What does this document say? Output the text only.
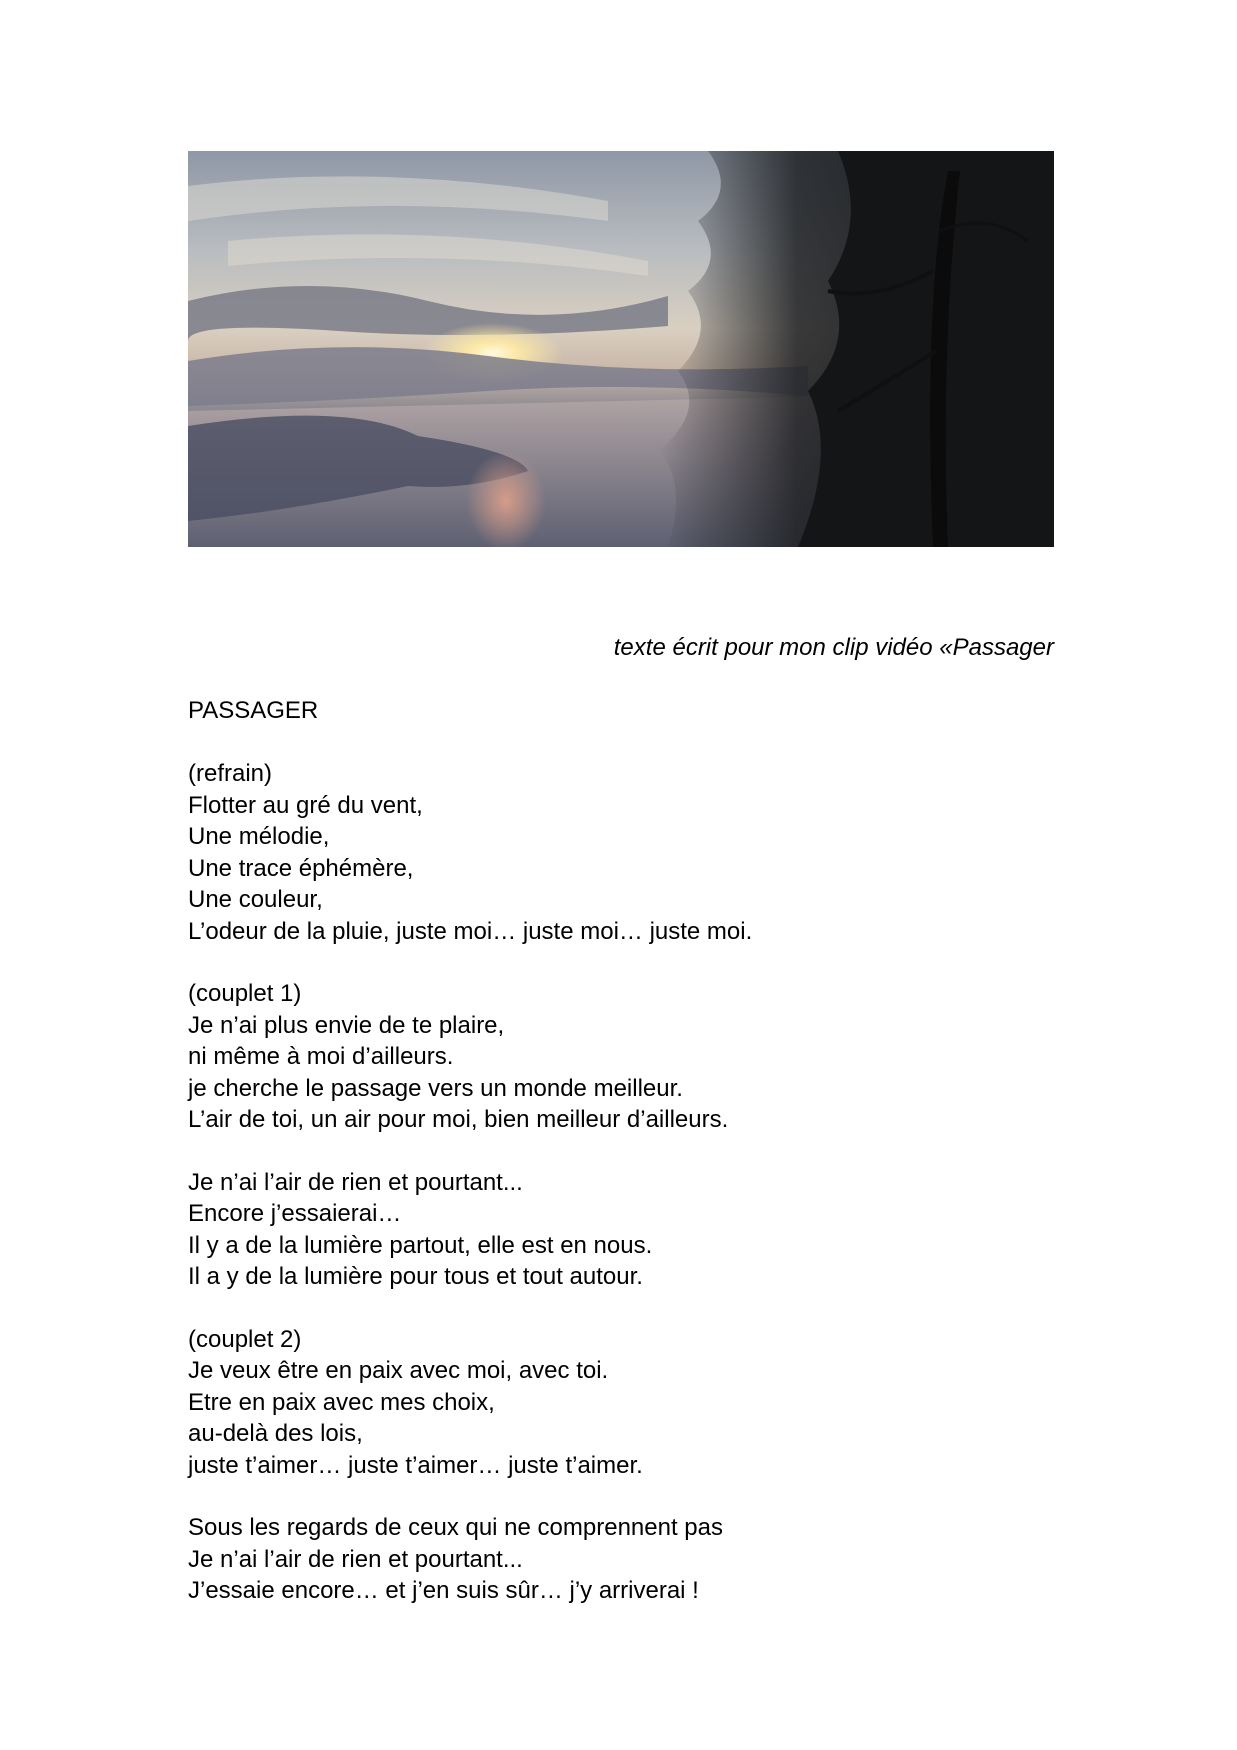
texte écrit pour mon clip vidéo «Passager
PASSAGER
(refrain)
Flotter au gré du vent,
Une mélodie,
Une trace éphémère,
Une couleur,
L’odeur de la pluie, juste moi… juste moi… juste moi.
(couplet 1)
Je n’ai plus envie de te plaire,
ni même à moi d’ailleurs.
je cherche le passage vers un monde meilleur.
L’air de toi, un air pour moi, bien meilleur d’ailleurs.
Je n’ai l’air de rien et pourtant...
Encore j’essaierai…
Il y a de la lumière partout, elle est en nous.
Il a y de la lumière pour tous et tout autour.
(couplet 2)
Je veux être en paix avec moi, avec toi.
Etre en paix avec mes choix,
au-delà des lois,
juste t’aimer… juste t’aimer… juste t’aimer.
Sous les regards de ceux qui ne comprennent pas
Je n’ai l’air de rien et pourtant...
J’essaie encore… et j’en suis sûr… j’y arriverai !
